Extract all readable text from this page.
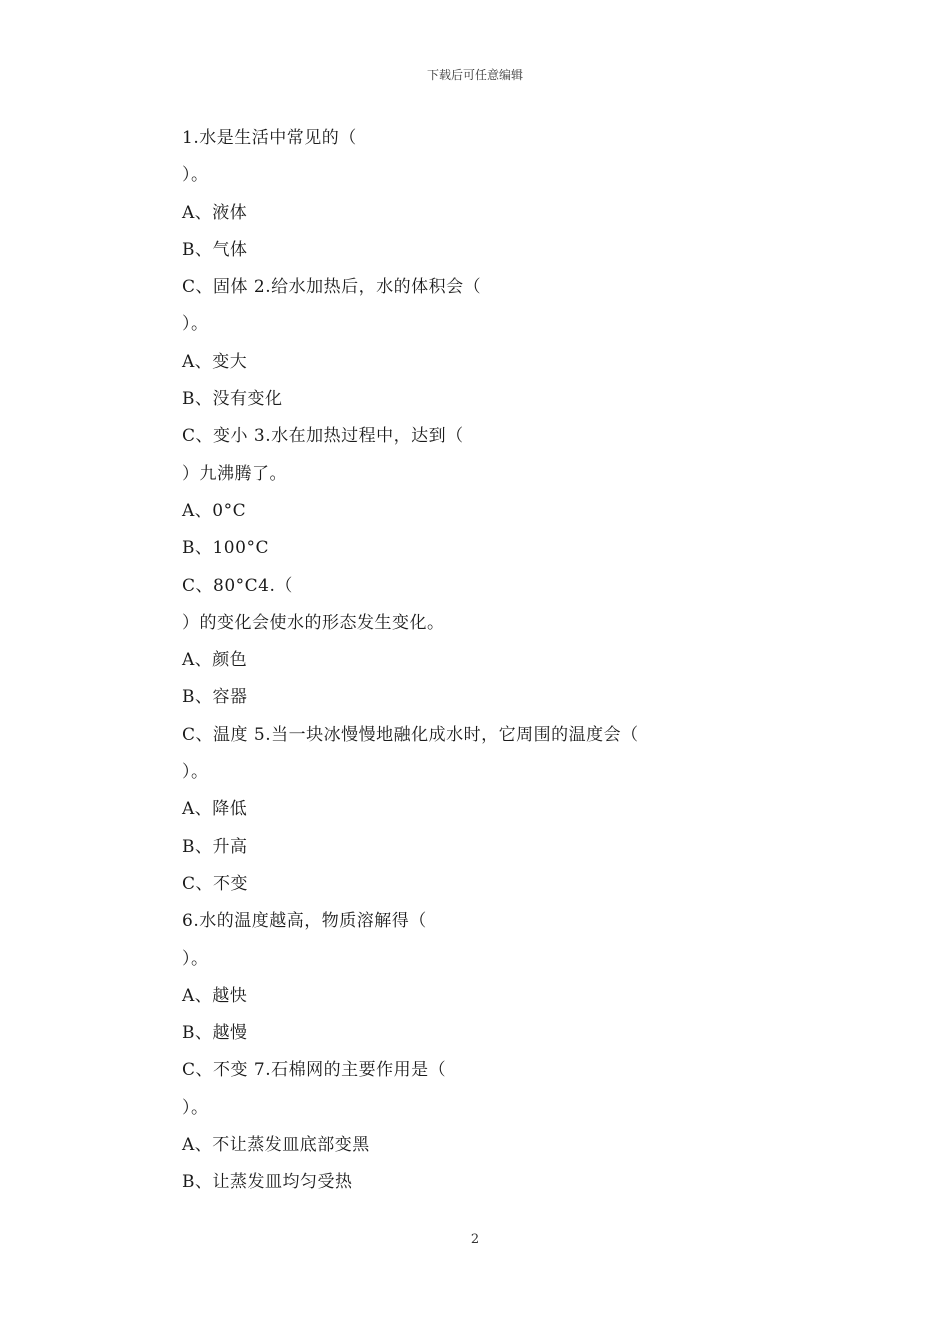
下载后可任意编辑
1.水是生活中常见的（
）。
A、液体
B、气体
C、固体 2.给水加热后，水的体积会（
）。
A、变大
B、没有变化
C、变小 3.水在加热过程中，达到（
）九沸腾了。
A、0°C
B、100°C
C、80°C4.（
）的变化会使水的形态发生变化。
A、颜色
B、容器
C、温度 5.当一块冰慢慢地融化成水时，它周围的温度会（
）。
A、降低
B、升高
C、不变
6.水的温度越高，物质溶解得（
）。
A、越快
B、越慢
C、不变 7.石棉网的主要作用是（
）。
A、不让蒸发皿底部变黑
B、让蒸发皿均匀受热
2
